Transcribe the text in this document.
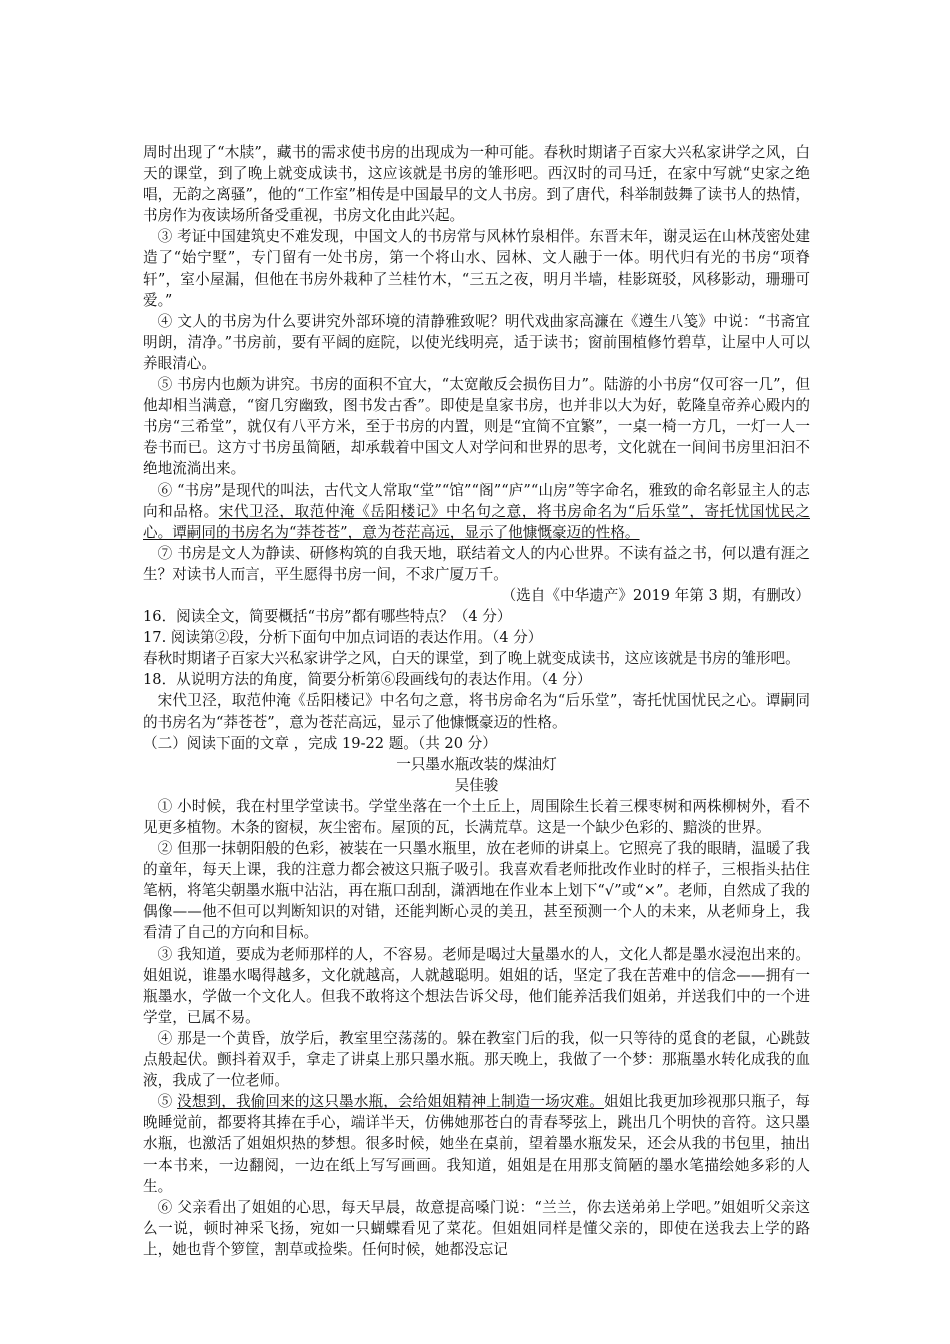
周时出现了“木牍”，藏书的需求使书房的出现成为一种可能。春秋时期诸子百家大兴私家讲学之风，白天的课堂，到了晚上就变成读书，这应该就是书房的雏形吧。西汉时的司马迁，在家中写就“史家之绝唱，无韵之离骚”，他的“工作室”相传是中国最早的文人书房。到了唐代，科举制鼓舞了读书人的热情，书房作为夜读场所备受重视，书房文化由此兴起。

③ 考证中国建筑史不难发现，中国文人的书房常与风林竹泉相伴。东晋末年，谢灵运在山林茂密处建造了“始宁墅”，专门留有一处书房，第一个将山水、园林、文人融于一体。明代归有光的书房“项脊轩”，室小屋漏，但他在书房外栽种了兰桂竹木，“三五之夜，明月半墙，桂影斑驳，风移影动，珊珊可爱。”

④ 文人的书房为什么要讲究外部环境的清静雅致呢？明代戏曲家高濂在《遵生八笺》中说：“书斋宜明朗，清净。”书房前，要有平阔的庭院，以使光线明亮，适于读书；窗前围植修竹碧草，让屋中人可以养眼清心。

⑤ 书房内也颇为讲究。书房的面积不宜大，“太宽敞反会损伤目力”。陆游的小书房“仅可容一几”，但他却相当满意，“窗几穷幽致，图书发古香”。即使是皇家书房，也并非以大为好，乾隆皇帝养心殿内的书房“三希堂”，就仅有八平方米，至于书房的内置，则是“宜简不宜繁”，一桌一椅一方几，一灯一人一卷书而已。这方寸书房虽简陋，却承载着中国文人对学问和世界的思考，文化就在一间间书房里汩汩不绝地流淌出来。

⑥ “书房”是现代的叫法，古代文人常取“堂”“馆”“阁”“庐”“山房”等字命名，雅致的命名彰显主人的志向和品格。宋代卫泾，取范仲淹《岳阳楼记》中名句之意，将书房命名为“后乐堂”，寄托忧国忧民之心。谭嗣同的书房名为“莽苍苍”，意为苍茫高远，显示了他慷慨豪迈的性格。

⑦ 书房是文人为静读、研修构筑的自我天地，联结着文人的内心世界。不读有益之书，何以遣有涯之生？对读书人而言，平生愿得书房一间，不求广厦万千。

（选自《中华遗产》2019 年第 3 期，有删改）

16．阅读全文，简要概括“书房”都有哪些特点？（4 分）

17. 阅读第②段，分析下面句中加点词语的表达作用。（4 分）

春秋时期诸子百家大兴私家讲学之风，白天的课堂，到了晚上就变成读书，这应该就是书房的雏形吧。

18．从说明方法的角度，简要分析第⑥段画线句的表达作用。（4 分）

宋代卫泾，取范仲淹《岳阳楼记》中名句之意，将书房命名为“后乐堂”，寄托忧国忧民之心。谭嗣同的书房名为“莽苍苍”，意为苍茫高远，显示了他慷慨豪迈的性格。

（二）阅读下面的文章 ，完成 19-22 题。（共 20 分）

一只墨水瓶改装的煤油灯

吴佳骏

① 小时候，我在村里学堂读书。学堂坐落在一个土丘上，周围除生长着三棵枣树和两株柳树外，看不见更多植物。木条的窗棂，灰尘密布。屋顶的瓦，长满荒草。这是一个缺少色彩的、黯淡的世界。

② 但那一抹朝阳般的色彩，被装在一只墨水瓶里，放在老师的讲桌上。它照亮了我的眼睛，温暖了我的童年，每天上课，我的注意力都会被这只瓶子吸引。我喜欢看老师批改作业时的样子，三根指头拈住笔柄，将笔尖朝墨水瓶中沾沾，再在瓶口刮刮，潇洒地在作业本上划下“√”或“×”。老师，自然成了我的偶像——他不但可以判断知识的对错，还能判断心灵的美丑，甚至预测一个人的未来，从老师身上，我看清了自己的方向和目标。

③ 我知道，要成为老师那样的人，不容易。老师是喝过大量墨水的人，文化人都是墨水浸泡出来的。姐姐说，谁墨水喝得越多，文化就越高，人就越聪明。姐姐的话，坚定了我在苦难中的信念——拥有一瓶墨水，学做一个文化人。但我不敢将这个想法告诉父母，他们能养活我们姐弟，并送我们中的一个进学堂，已属不易。

④ 那是一个黄昏，放学后，教室里空荡荡的。躲在教室门后的我，似一只等待的觅食的老鼠，心跳鼓点般起伏。颤抖着双手，拿走了讲桌上那只墨水瓶。那天晚上，我做了一个梦：那瓶墨水转化成我的血液，我成了一位老师。

⑤ 没想到，我偷回来的这只墨水瓶，会给姐姐精神上制造一场灾难。姐姐比我更加珍视那只瓶子，每晚睡觉前，都要将其捧在手心，端详半天，仿佛她那苍白的青春琴弦上，跳出几个明快的音符。这只墨水瓶，也激活了姐姐炽热的梦想。很多时候，她坐在桌前，望着墨水瓶发呆，还会从我的书包里，抽出一本书来，一边翻阅，一边在纸上写写画画。我知道，姐姐是在用那支简陋的墨水笔描绘她多彩的人生。

⑥ 父亲看出了姐姐的心思，每天早晨，故意提高嗓门说：“兰兰，你去送弟弟上学吧。”姐姐听父亲这么一说，顿时神采飞扬，宛如一只蝴蝶看见了菜花。但姐姐同样是懂父亲的，即使在送我去上学的路上，她也背个箩筐，割草或捡柴。任何时候，她都没忘记
